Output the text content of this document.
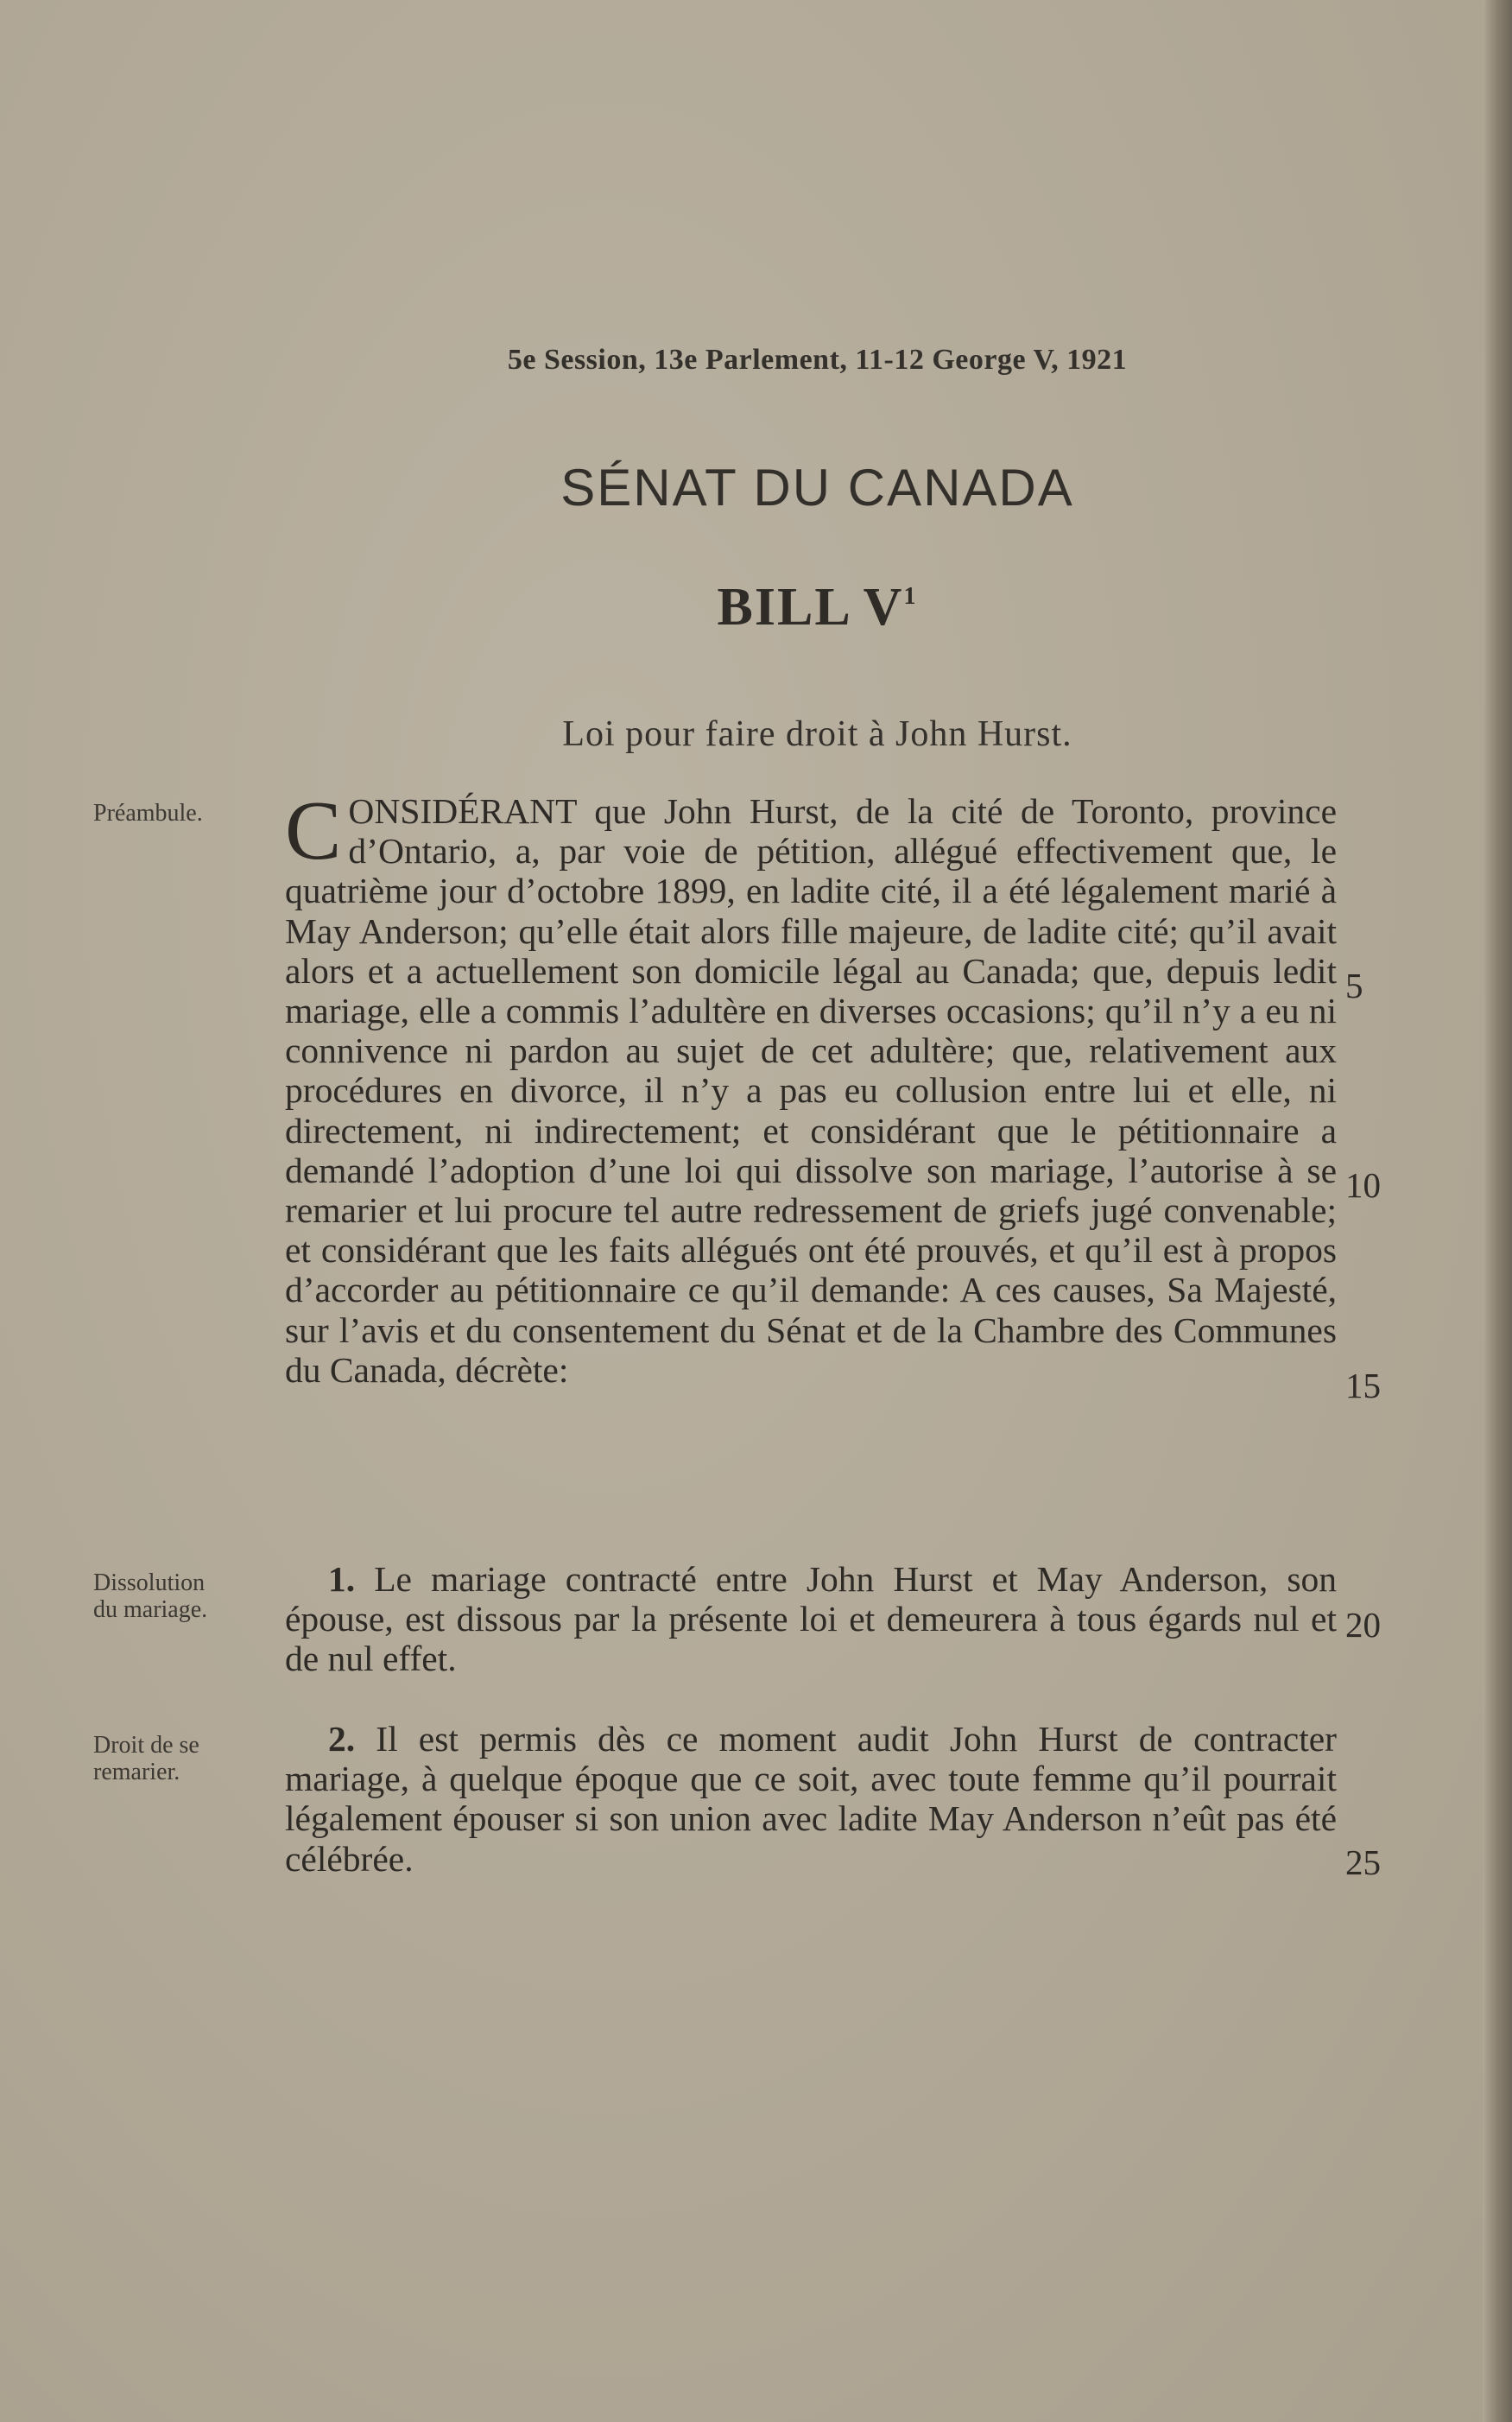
5e Session, 13e Parlement, 11-12 George V, 1921
SÉNAT DU CANADA
BILL $V^1$
Loi pour faire droit à John Hurst.
Préambule. CONSIDÉRANT que John Hurst, de la cité de Toronto, province d’Ontario, a, par voie de pétition, allégué effectivement que, le quatrième jour d’octobre 1899, en ladite cité, il a été légalement marié à May Anderson; qu’elle était alors fille majeure, de ladite cité; qu’il avait alors et a actuellement son domicile légal au Canada; que, depuis ledit mariage, elle a commis l’adultère en diverses occasions; qu’il n’y a eu ni connivence ni pardon au sujet de cet adultère; que, relativement aux procédures en divorce, il n’y a pas eu collusion entre lui et elle, ni directement, ni indirectement; et considérant que le pétitionnaire a demandé l’adoption d’une loi qui dissolve son mariage, l’autorise à se remarier et lui procure tel autre redressement de griefs jugé convenable; et considérant que les faits allégués ont été prouvés, et qu’il est à propos d’accorder au pétitionnaire ce qu’il demande: A ces causes, Sa Majesté, sur l’avis et du consentement du Sénat et de la Chambre des Communes du Canada, décrète:

Dissolution
du mariage.

1. Le mariage contracté entre John Hurst et May Anderson, son épouse, est dissous par la présente loi et demeurera à tous égards nul et de nul effet.

Droit de se
remarier.

2. Il est permis dès ce moment audit John Hurst de contracter mariage, à quelque époque que ce soit, avec toute femme qu’il pourrait légalement épouser si son union avec ladite May Anderson n’eût pas été célébrée.

5
10
15
20
25
